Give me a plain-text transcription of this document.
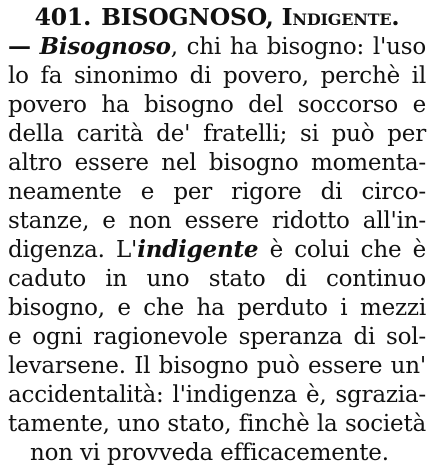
401. BISOGNOSO, Indigente.
— Bisognoso, chi ha bisogno: l'uso
lo fa sinonimo di povero, perchè il
povero ha bisogno del soccorso e
della carità de' fratelli; si può per
altro essere nel bisogno momenta-
neamente e per rigore di circo-
stanze, e non essere ridotto all'in-
digenza. L'indigente è colui che è
caduto in uno stato di continuo
bisogno, e che ha perduto i mezzi
e ogni ragionevole speranza di sol-
levarsene. Il bisogno può essere un'
accidentalità: l'indigenza è, sgrazia-
tamente, uno stato, finchè la società
non vi provveda efficacemente.
